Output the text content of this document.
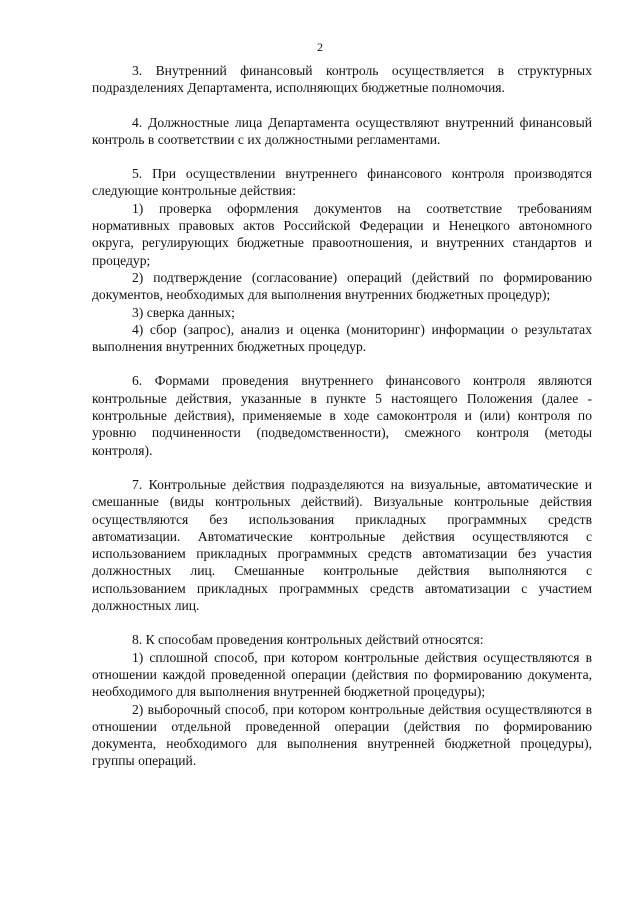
2

3. Внутренний финансовый контроль осуществляется в структурных подразделениях Департамента, исполняющих бюджетные полномочия.

4. Должностные лица Департамента осуществляют внутренний финансовый контроль в соответствии с их должностными регламентами.

5. При осуществлении внутреннего финансового контроля производятся следующие контрольные действия:

1) проверка оформления документов на соответствие требованиям нормативных правовых актов Российской Федерации и Ненецкого автономного округа, регулирующих бюджетные правоотношения, и внутренних стандартов и процедур;

2) подтверждение (согласование) операций (действий по формированию документов, необходимых для выполнения внутренних бюджетных процедур);

3) сверка данных;

4) сбор (запрос), анализ и оценка (мониторинг) информации о результатах выполнения внутренних бюджетных процедур.

6. Формами проведения внутреннего финансового контроля являются контрольные действия, указанные в пункте 5 настоящего Положения (далее - контрольные действия), применяемые в ходе самоконтроля и (или) контроля по уровню подчиненности (подведомственности), смежного контроля (методы контроля).

7. Контрольные действия подразделяются на визуальные, автоматические и смешанные (виды контрольных действий). Визуальные контрольные действия осуществляются без использования прикладных программных средств автоматизации. Автоматические контрольные действия осуществляются с использованием прикладных программных средств автоматизации без участия должностных лиц. Смешанные контрольные действия выполняются с использованием прикладных программных средств автоматизации с участием должностных лиц.

8. К способам проведения контрольных действий относятся:

1) сплошной способ, при котором контрольные действия осуществляются в отношении каждой проведенной операции (действия по формированию документа, необходимого для выполнения внутренней бюджетной процедуры);

2) выборочный способ, при котором контрольные действия осуществляются в отношении отдельной проведенной операции (действия по формированию документа, необходимого для выполнения внутренней бюджетной процедуры), группы операций.
